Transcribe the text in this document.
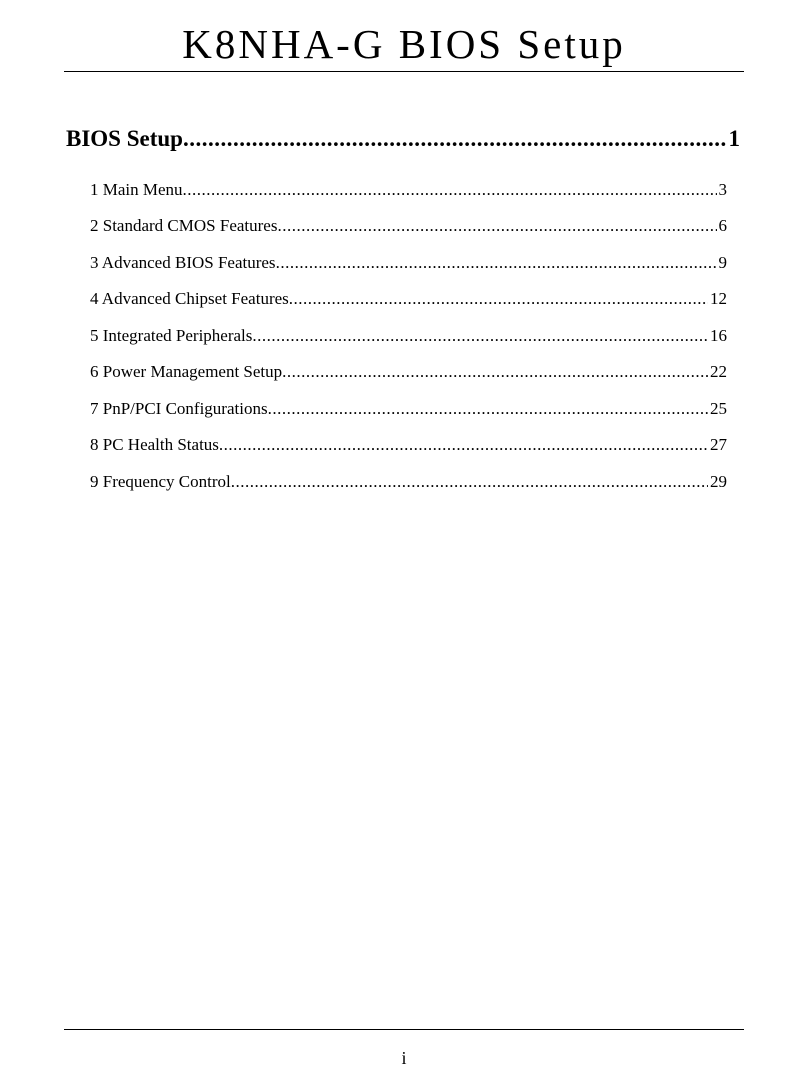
K8NHA-G BIOS Setup
BIOS Setup .....	1
1 Main Menu .....	3
2 Standard CMOS Features .....	6
3 Advanced BIOS Features .....	9
4 Advanced Chipset Features .....	12
5 Integrated Peripherals .....	16
6 Power Management Setup .....	22
7 PnP/PCI Configurations .....	25
8 PC Health Status .....	27
9 Frequency Control .....	29
i
